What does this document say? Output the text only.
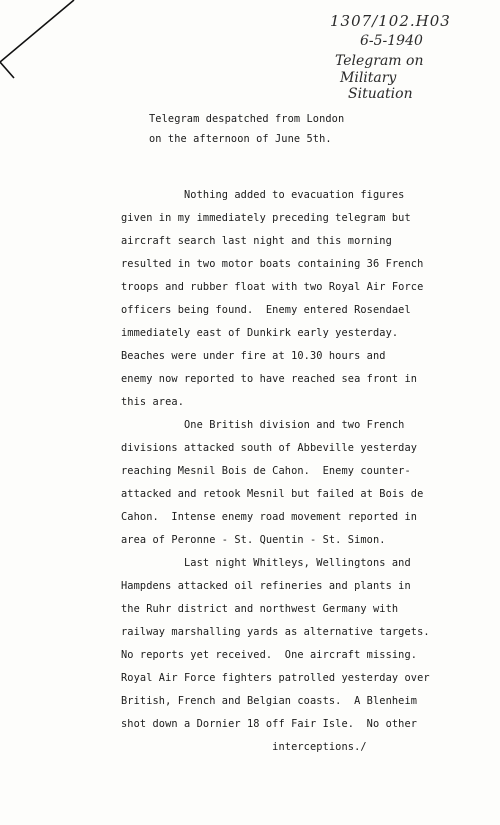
1307/102.H03
6-5-1940
Telegram on
Military
Situation
Telegram despatched from London
on the afternoon of June 5th.
Nothing added to evacuation figures
given in my immediately preceding telegram but
aircraft search last night and this morning
resulted in two motor boats containing 36 French
troops and rubber float with two Royal Air Force
officers being found.  Enemy entered Rosendael
immediately east of Dunkirk early yesterday.
Beaches were under fire at 10.30 hours and
enemy now reported to have reached sea front in
this area.
One British division and two French
divisions attacked south of Abbeville yesterday
reaching Mesnil Bois de Cahon.  Enemy counter-
attacked and retook Mesnil but failed at Bois de
Cahon.  Intense enemy road movement reported in
area of Peronne - St. Quentin - St. Simon.
Last night Whitleys, Wellingtons and
Hampdens attacked oil refineries and plants in
the Ruhr district and northwest Germany with
railway marshalling yards as alternative targets.
No reports yet received.  One aircraft missing.
Royal Air Force fighters patrolled yesterday over
British, French and Belgian coasts.  A Blenheim
shot down a Dornier 18 off Fair Isle.  No other
interceptions./
